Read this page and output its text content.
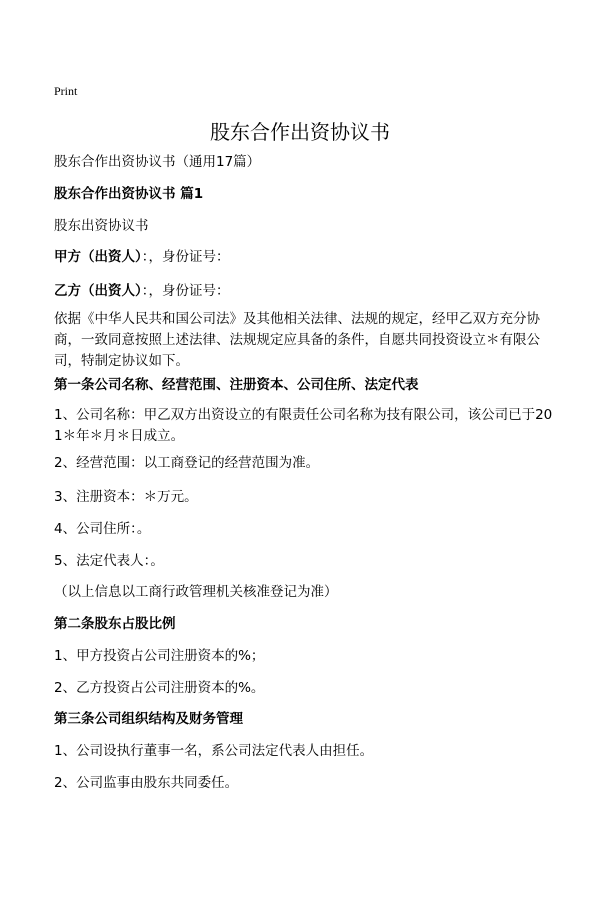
Print
股东合作出资协议书

股东合作出资协议书（通用17篇）

股东合作出资协议书 篇1

股东出资协议书

甲方（出资人）：，身份证号：

乙方（出资人）：，身份证号：

依据《中华人民共和国公司法》及其他相关法律、法规的规定，经甲乙双方充分协商，一致同意按照上述法律、法规规定应具备的条件，自愿共同投资设立＊有限公司，特制定协议如下。

第一条公司名称、经营范围、注册资本、公司住所、法定代表

1、公司名称：甲乙双方出资设立的有限责任公司名称为技有限公司，该公司已于201＊年＊月＊日成立。

2、经营范围：以工商登记的经营范围为准。

3、注册资本：＊万元。

4、公司住所：。

5、法定代表人：。

（以上信息以工商行政管理机关核准登记为准）

第二条股东占股比例

1、甲方投资占公司注册资本的%；

2、乙方投资占公司注册资本的%。

第三条公司组织结构及财务管理

1、公司设执行董事一名，系公司法定代表人由担任。

2、公司监事由股东共同委任。
